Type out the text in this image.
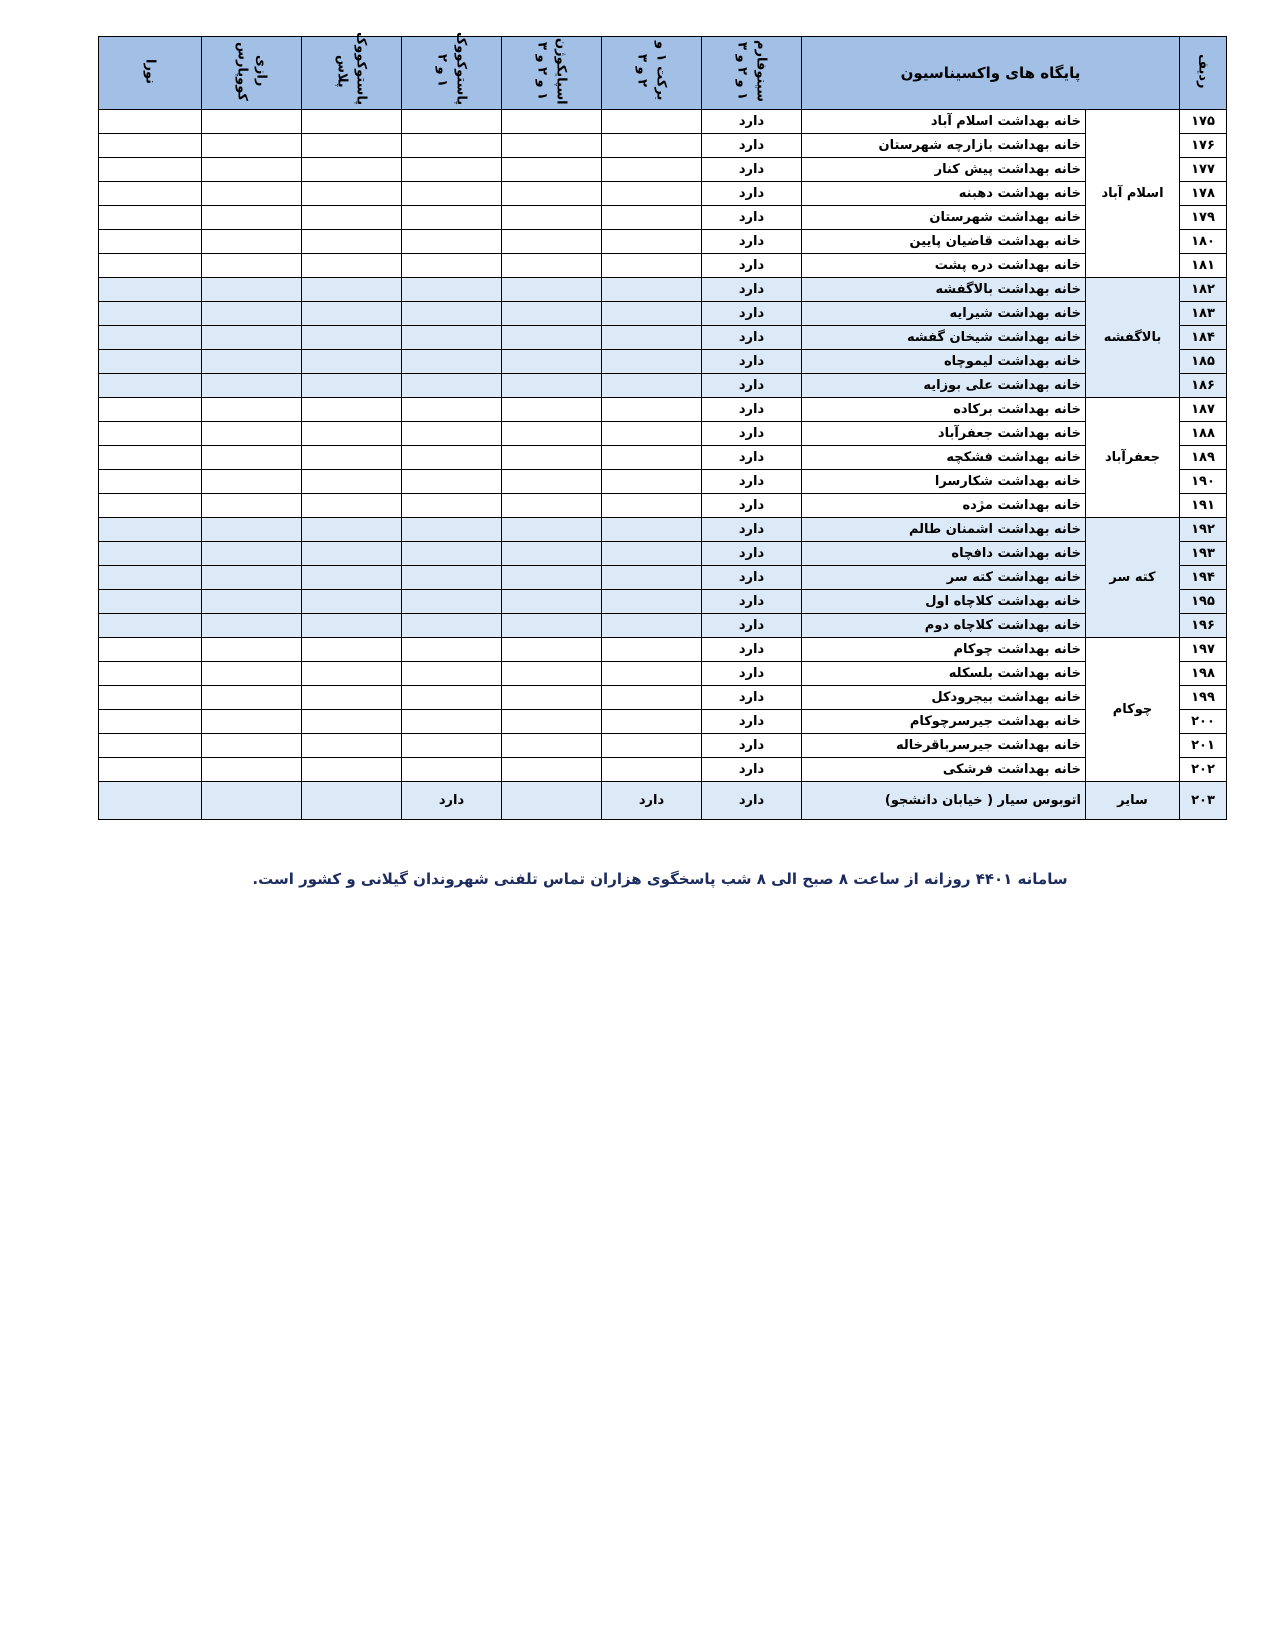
ردیف	پایگاه های واکسیناسیون		سینوفارم ۱ و ۲ و ۳	برکت ۱ و ۲ و ۳	اسپایکوژن ۱ و ۲ و ۳	پاستوکووک ۱ و ۲	پاستوکووک پلاس	رازی کووپارس	نورا
۱۷۵	اسلام آباد	خانه بهداشت اسلام آباد	دارد						
۱۷۶		خانه بهداشت بازارچه شهرستان	دارد						
۱۷۷		خانه بهداشت پیش کنار	دارد						
۱۷۸		خانه بهداشت دهبنه	دارد						
۱۷۹		خانه بهداشت شهرستان	دارد						
۱۸۰		خانه بهداشت قاضیان پایین	دارد						
۱۸۱		خانه بهداشت دره پشت	دارد						
۱۸۲	بالاگفشه	خانه بهداشت بالاگفشه	دارد						
۱۸۳		خانه بهداشت شیرایه	دارد						
۱۸۴		خانه بهداشت شیخان گفشه	دارد						
۱۸۵		خانه بهداشت لیموچاه	دارد						
۱۸۶		خانه بهداشت علی بوزایه	دارد						
۱۸۷	جعفرآباد	خانه بهداشت برکاده	دارد						
۱۸۸		خانه بهداشت جعفرآباد	دارد						
۱۸۹		خانه بهداشت فشکچه	دارد						
۱۹۰		خانه بهداشت شکارسرا	دارد						
۱۹۱		خانه بهداشت مژده	دارد						
۱۹۲	کته سر	خانه بهداشت اشمنان طالم	دارد						
۱۹۳		خانه بهداشت دافچاه	دارد						
۱۹۴		خانه بهداشت کته سر	دارد						
۱۹۵		خانه بهداشت کلاچاه اول	دارد						
۱۹۶		خانه بهداشت کلاچاه دوم	دارد						
۱۹۷	چوکام	خانه بهداشت چوکام	دارد						
۱۹۸		خانه بهداشت بلسکله	دارد						
۱۹۹		خانه بهداشت بیجرودکل	دارد						
۲۰۰		خانه بهداشت جیرسرچوکام	دارد						
۲۰۱		خانه بهداشت جیرسرباقرخاله	دارد						
۲۰۲		خانه بهداشت فرشکی	دارد						
۲۰۳	سایر	اتوبوس سیار ( خیابان دانشجو)	دارد	دارد		دارد			
سامانه ۴۴۰۱ روزانه از ساعت ۸ صبح الی ۸ شب پاسخگوی هزاران تماس تلفنی شهروندان گیلانی و کشور است.
